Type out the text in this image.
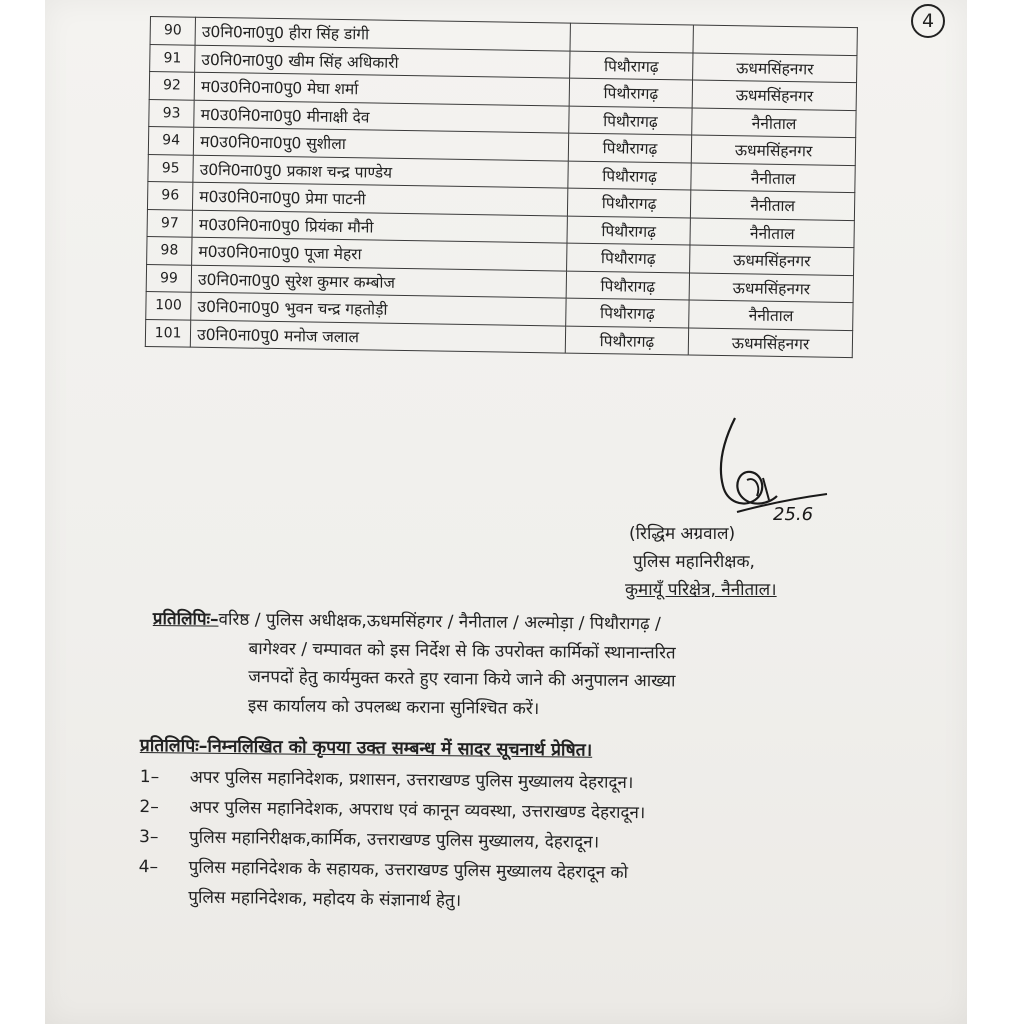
4
90	उ0नि0ना0पु0 हीरा सिंह डांगी		
91	उ0नि0ना0पु0 खीम सिंह अधिकारी	पिथौरागढ़	ऊधमसिंहनगर
92	म0उ0नि0ना0पु0 मेघा शर्मा	पिथौरागढ़	ऊधमसिंहनगर
93	म0उ0नि0ना0पु0 मीनाक्षी देव	पिथौरागढ़	नैनीताल
94	म0उ0नि0ना0पु0 सुशीला	पिथौरागढ़	ऊधमसिंहनगर
95	उ0नि0ना0पु0 प्रकाश चन्द्र पाण्डेय	पिथौरागढ़	नैनीताल
96	म0उ0नि0ना0पु0 प्रेमा पाटनी	पिथौरागढ़	नैनीताल
97	म0उ0नि0ना0पु0 प्रियंका मौनी	पिथौरागढ़	नैनीताल
98	म0उ0नि0ना0पु0 पूजा मेहरा	पिथौरागढ़	ऊधमसिंहनगर
99	उ0नि0ना0पु0 सुरेश कुमार कम्बोज	पिथौरागढ़	ऊधमसिंहनगर
100	उ0नि0ना0पु0 भुवन चन्द्र गहतोड़ी	पिथौरागढ़	नैनीताल
101	उ0नि0ना0पु0 मनोज जलाल	पिथौरागढ़	ऊधमसिंहनगर
25.6
(रिद्धिम अग्रवाल)
पुलिस महानिरीक्षक,
कुमायूँ परिक्षेत्र, नैनीताल।
प्रतिलिपिः–वरिष्ठ / पुलिस अधीक्षक,ऊधमसिंहगर / नैनीताल / अल्मोड़ा / पिथौरागढ़ /
बागेश्वर / चम्पावत को इस निर्देश से कि उपरोक्त कार्मिकों स्थानान्तरित
जनपदों हेतु कार्यमुक्त करते हुए रवाना किये जाने की अनुपालन आख्या
इस कार्यालय को उपलब्ध कराना सुनिश्चित करें।
प्रतिलिपिः–निम्नलिखित को कृपया उक्त सम्बन्ध में सादर सूचनार्थ प्रेषित।
1–	अपर पुलिस महानिदेशक, प्रशासन, उत्तराखण्ड पुलिस मुख्यालय देहरादून।
2–	अपर पुलिस महानिदेशक, अपराध एवं कानून व्यवस्था, उत्तराखण्ड देहरादून।
3–	पुलिस महानिरीक्षक,कार्मिक, उत्तराखण्ड पुलिस मुख्यालय, देहरादून।
4–	पुलिस महानिदेशक के सहायक, उत्तराखण्ड पुलिस मुख्यालय देहरादून को
पुलिस महानिदेशक, महोदय के संज्ञानार्थ हेतु।
